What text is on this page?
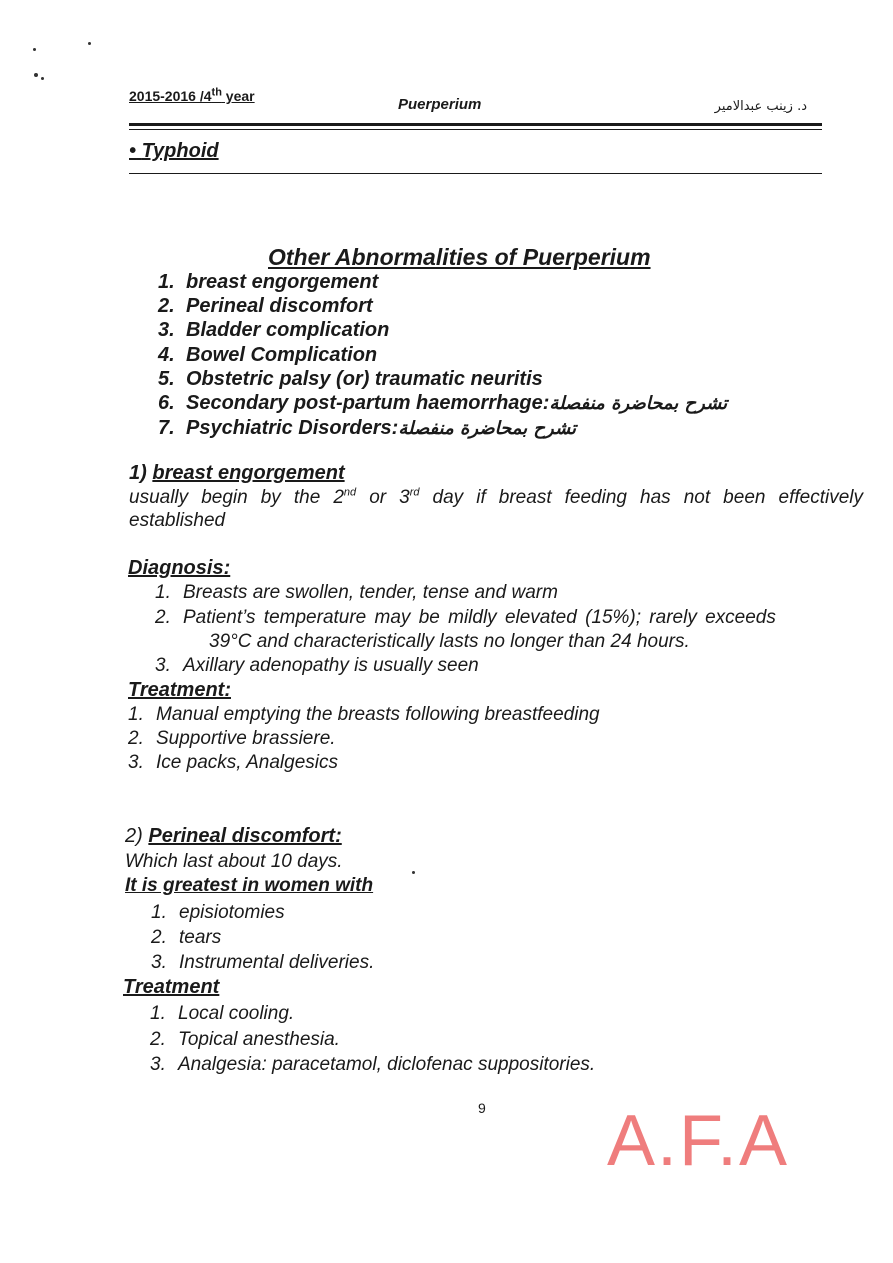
2015-2016 /4th year	Puerperium	د. زينب عبدالامير
• Typhoid
Other Abnormalities of Puerperium
1. breast engorgement
2. Perineal discomfort
3. Bladder complication
4. Bowel Complication
5. Obstetric palsy (or) traumatic neuritis
6. Secondary post-partum haemorrhage:تشرح بمحاضرة منفصلة
7. Psychiatric Disorders:تشرح بمحاضرة منفصلة
1) breast engorgement
usually begin by the 2nd or 3rd day if breast feeding has not been effectively
established
Diagnosis:
1. Breasts are swollen, tender, tense and warm
2. Patient’s temperature may be mildly elevated (15%); rarely exceeds
39°C and characteristically lasts no longer than 24 hours.
3. Axillary adenopathy is usually seen
Treatment:
1. Manual emptying the breasts following breastfeeding
2. Supportive brassiere.
3. Ice packs, Analgesics
2) Perineal discomfort:
Which last about 10 days.
It is greatest in women with
1. episiotomies
2. tears
3. Instrumental deliveries.
Treatment
1. Local cooling.
2. Topical anesthesia.
3. Analgesia: paracetamol, diclofenac suppositories.
9 A.F.A
